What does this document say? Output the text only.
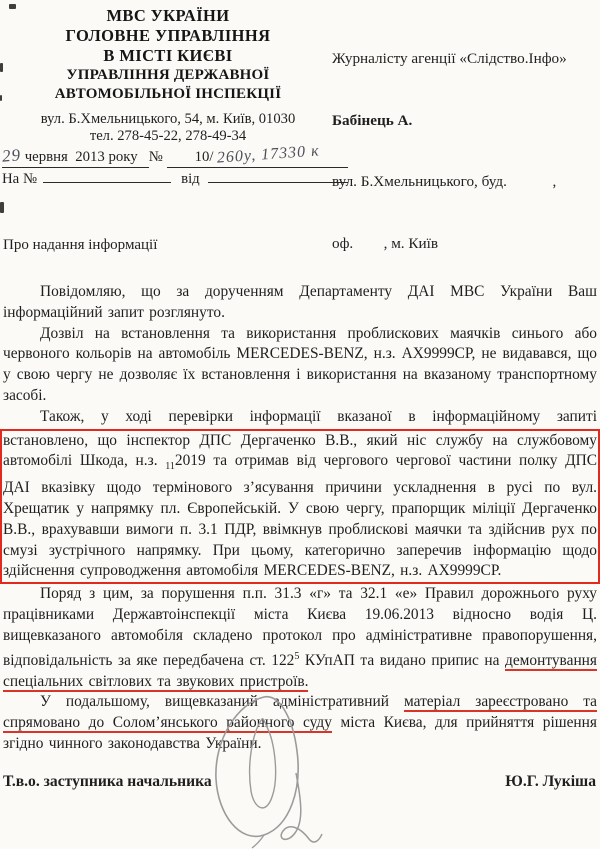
МВС УКРАЇНИ
ГОЛОВНЕ УПРАВЛІННЯ
В МІСТІ КИЄВІ
УПРАВЛІННЯ ДЕРЖАВНОЇ
АВТОМОБІЛЬНОЇ ІНСПЕКЦІЇ
вул. Б.Хмельницького, 54, м. Київ, 01030
тел. 278-45-22, 278-49-34
29 червня  2013 року №	10/ 260у, 17330 к
На №	від

Журналісту агенції «Слідство.Інфо»

Бабінець А.

вул. Б.Хмельницького, буд.            ,

оф.        , м. Київ

Про надання інформації

Повідомляю, що за дорученням Департаменту ДАІ МВС України Ваш інформаційний запит розглянуто.

Дозвіл на встановлення та використання проблискових маячків синього або червоного кольорів на автомобіль MERCEDES-BENZ, н.з. АХ9999СР, не видавався, що у свою чергу не дозволяє їх встановлення і використання на вказаному транспортному засобі.

Також, у ході перевірки інформації вказаної в інформаційному запиті

встановлено, що інспектор ДПС Дергаченко В.В., який ніс службу на службовому автомобілі Шкода, н.з. $_{11}$2019 та отримав від чергового чергової частини полку ДПС ДАІ вказівку щодо термінового з’ясування причини ускладнення в русі по вул. Хрещатик у напрямку пл. Європейській. У свою чергу, прапорщик міліції Дергаченко В.В., врахувавши вимоги п. 3.1 ПДР, ввімкнув проблискові маячки та здійснив рух по смузі зустрічного напрямку. При цьому, категорично заперечив інформацію щодо здійснення супроводження автомобіля MERCEDES-BENZ, н.з. АХ9999СР.

Поряд з цим, за порушення п.п. 31.3 «г» та 32.1 «е» Правил дорожнього руху працівниками Державтоінспекції міста Києва 19.06.2013 відносно водія Ц. вищевказаного автомобіля складено протокол про адміністративне правопорушення, відповідальність за яке передбачена ст. $122^5$ КУпАП та видано припис на демонтування спеціальних світлових та звукових пристроїв.

У подальшому, вищевказаний адміністративний матеріал зареєстровано та спрямовано до Солом’янського районного суду міста Києва, для прийняття рішення згідно чинного законодавства України.

Т.в.о. заступника начальника	Ю.Г. Лукіша
